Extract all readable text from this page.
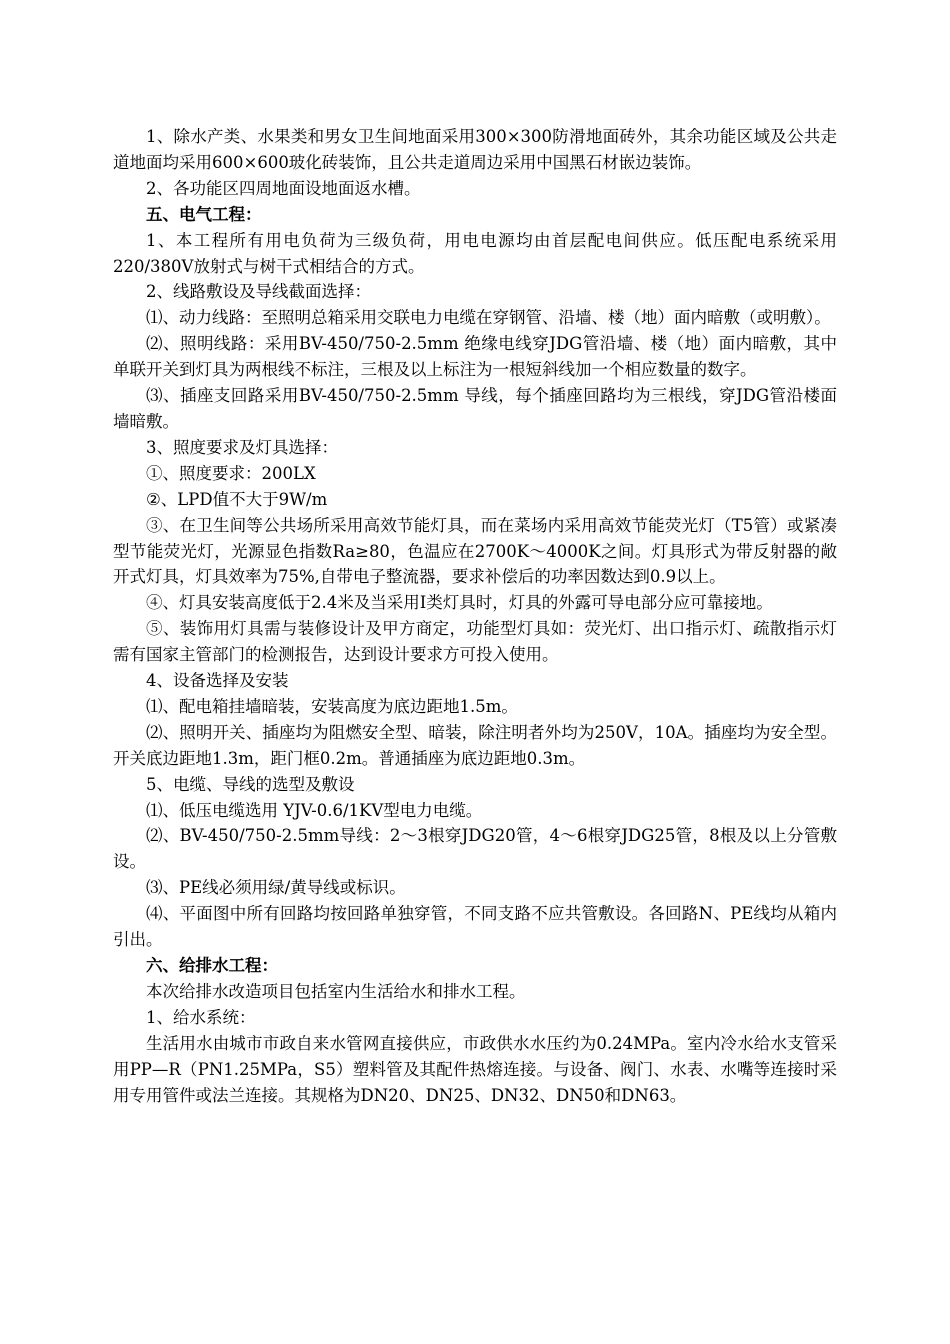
1、除水产类、水果类和男女卫生间地面采用300×300防滑地面砖外，其余功能区域及公共走道地面均采用600×600玻化砖装饰，且公共走道周边采用中国黑石材嵌边装饰。

2、各功能区四周地面设地面返水槽。

五、电气工程：

1、本工程所有用电负荷为三级负荷，用电电源均由首层配电间供应。低压配电系统采用220/380V放射式与树干式相结合的方式。

2、线路敷设及导线截面选择：

⑴、动力线路：至照明总箱采用交联电力电缆在穿钢管、沿墙、楼（地）面内暗敷（或明敷）。

⑵、照明线路：采用BV-450/750-2.5mm 绝缘电线穿JDG管沿墙、楼（地）面内暗敷，其中单联开关到灯具为两根线不标注，三根及以上标注为一根短斜线加一个相应数量的数字。

⑶、插座支回路采用BV-450/750-2.5mm 导线，每个插座回路均为三根线，穿JDG管沿楼面墙暗敷。

3、照度要求及灯具选择：

①、照度要求：200LX

②、LPD值不大于9W/m

③、在卫生间等公共场所采用高效节能灯具，而在菜场内采用高效节能荧光灯（T5管）或紧凑型节能荧光灯，光源显色指数Ra≥80，色温应在2700K～4000K之间。灯具形式为带反射器的敞开式灯具，灯具效率为75%,自带电子整流器，要求补偿后的功率因数达到0.9以上。

④、灯具安装高度低于2.4米及当采用Ⅰ类灯具时，灯具的外露可导电部分应可靠接地。

⑤、装饰用灯具需与装修设计及甲方商定，功能型灯具如：荧光灯、出口指示灯、疏散指示灯需有国家主管部门的检测报告，达到设计要求方可投入使用。

4、设备选择及安装

⑴、配电箱挂墙暗装，安装高度为底边距地1.5m。

⑵、照明开关、插座均为阻燃安全型、暗装，除注明者外均为250V，10A。插座均为安全型。开关底边距地1.3m，距门框0.2m。普通插座为底边距地0.3m。

5、电缆、导线的选型及敷设

⑴、低压电缆选用 YJV-0.6/1KV型电力电缆。

⑵、BV-450/750-2.5mm导线：2～3根穿JDG20管，4～6根穿JDG25管，8根及以上分管敷设。

⑶、PE线必须用绿/黄导线或标识。

⑷、平面图中所有回路均按回路单独穿管，不同支路不应共管敷设。各回路N、PE线均从箱内引出。

六、给排水工程：

本次给排水改造项目包括室内生活给水和排水工程。

1、给水系统：

生活用水由城市市政自来水管网直接供应，市政供水水压约为0.24MPa。室内冷水给水支管采用PP—R（PN1.25MPa，S5）塑料管及其配件热熔连接。与设备、阀门、水表、水嘴等连接时采用专用管件或法兰连接。其规格为DN20、DN25、DN32、DN50和DN63。
